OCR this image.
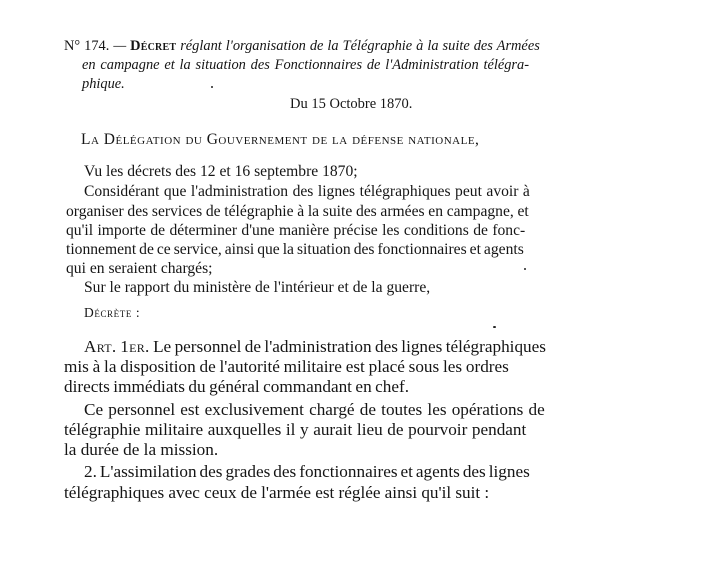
N° 174. — Décret réglant l'organisation de la Télégraphie à la suite des Armées
en campagne et la situation des Fonctionnaires de l'Administration télégra-
phique.
Du 15 Octobre 1870.
La Délégation du Gouvernement de la défense nationale,
Vu les décrets des 12 et 16 septembre 1870;
Considérant que l'administration des lignes télégraphiques peut avoir à
organiser des services de télégraphie à la suite des armées en campagne, et
qu'il importe de déterminer d'une manière précise les conditions de fonc-
tionnement de ce service, ainsi que la situation des fonctionnaires et agents
qui en seraient chargés;
Sur le rapport du ministère de l'intérieur et de la guerre,
Décrète :
Art. 1er. Le personnel de l'administration des lignes télégraphiques
mis à la disposition de l'autorité militaire est placé sous les ordres
directs immédiats du général commandant en chef.
Ce personnel est exclusivement chargé de toutes les opérations de
télégraphie militaire auxquelles il y aurait lieu de pourvoir pendant
la durée de la mission.
2. L'assimilation des grades des fonctionnaires et agents des lignes
télégraphiques avec ceux de l'armée est réglée ainsi qu'il suit :
